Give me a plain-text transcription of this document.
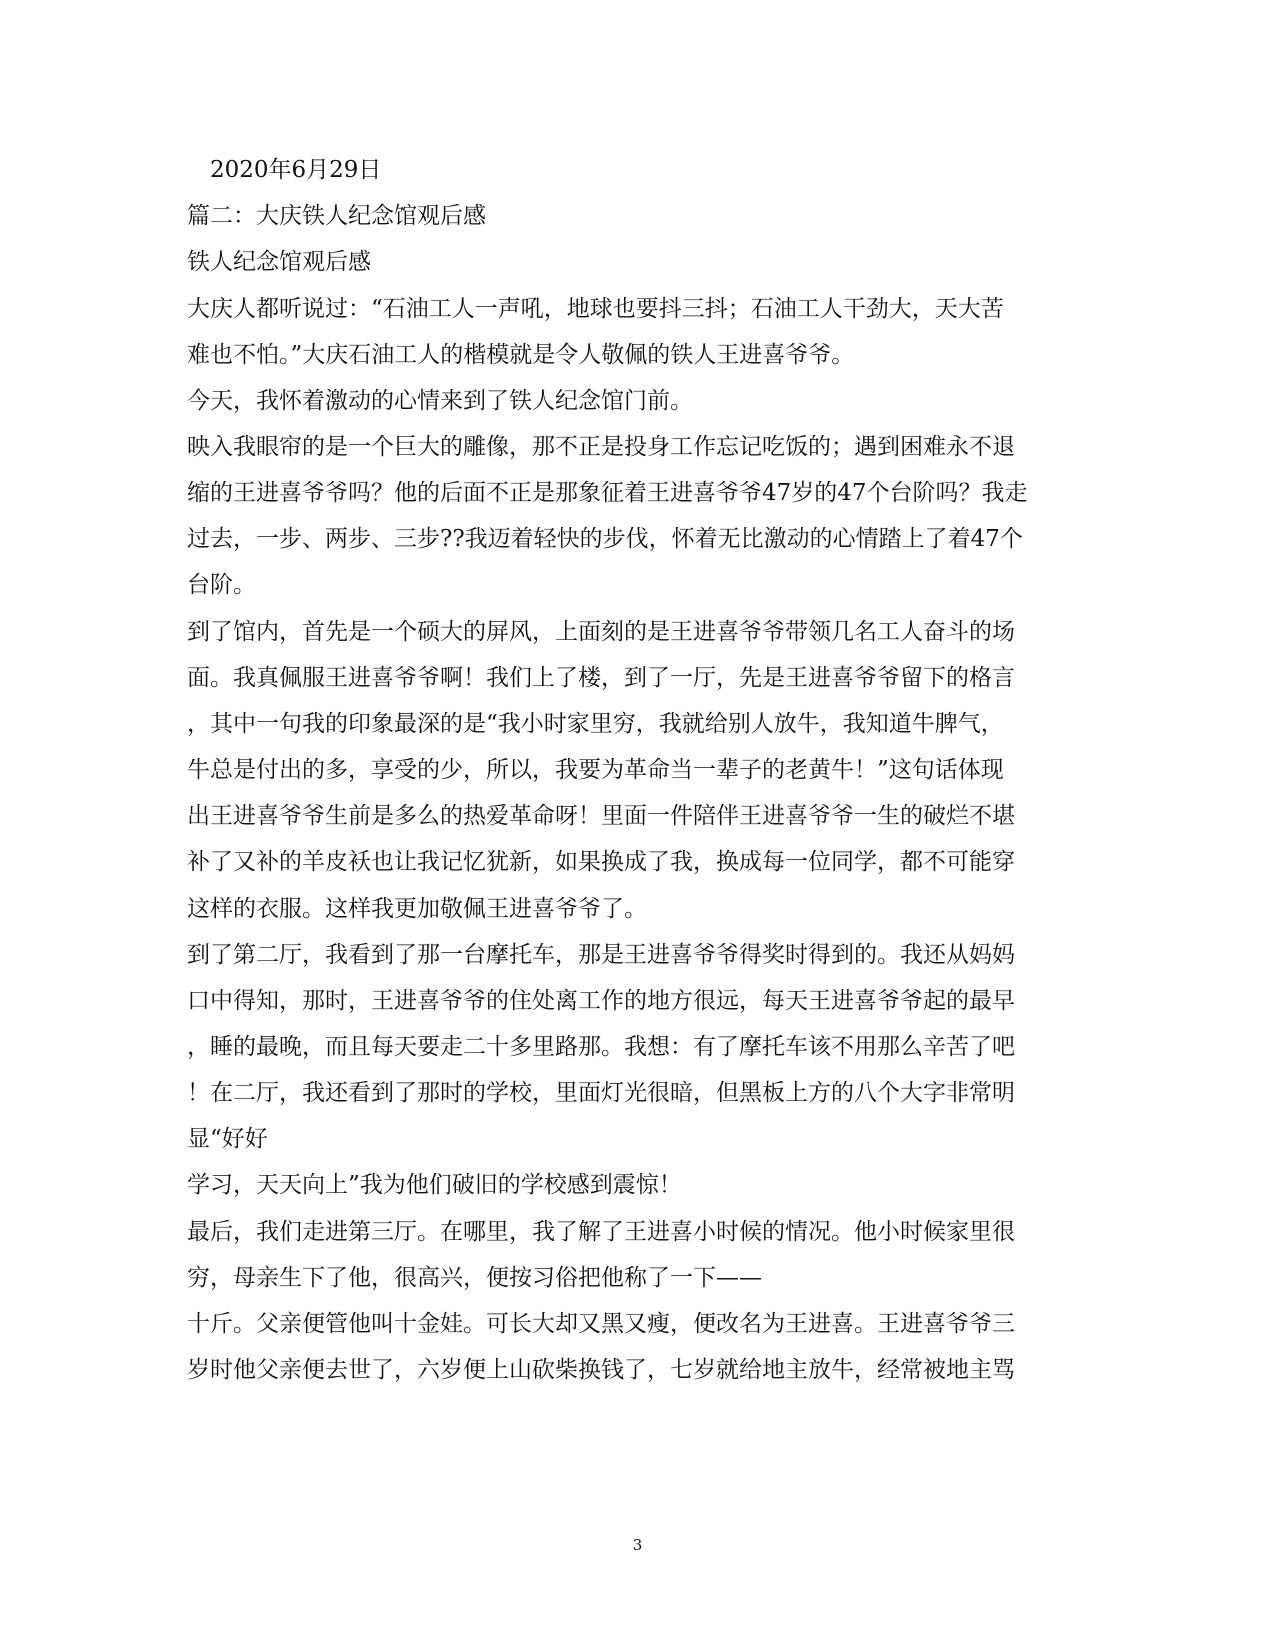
2020年6月29日
篇二：大庆铁人纪念馆观后感
铁人纪念馆观后感
大庆人都听说过：“石油工人一声吼，地球也要抖三抖；石油工人干劲大，天大苦
难也不怕。”大庆石油工人的楷模就是令人敬佩的铁人王进喜爷爷。
今天，我怀着激动的心情来到了铁人纪念馆门前。
映入我眼帘的是一个巨大的雕像，那不正是投身工作忘记吃饭的；遇到困难永不退
缩的王进喜爷爷吗？他的后面不正是那象征着王进喜爷爷47岁的47个台阶吗？我走
过去，一步、两步、三步??我迈着轻快的步伐，怀着无比激动的心情踏上了着47个
台阶。
到了馆内，首先是一个硕大的屏风，上面刻的是王进喜爷爷带领几名工人奋斗的场
面。我真佩服王进喜爷爷啊！我们上了楼，到了一厅，先是王进喜爷爷留下的格言
，其中一句我的印象最深的是“我小时家里穷，我就给别人放牛，我知道牛脾气，
牛总是付出的多，享受的少，所以，我要为革命当一辈子的老黄牛！”这句话体现
出王进喜爷爷生前是多么的热爱革命呀！里面一件陪伴王进喜爷爷一生的破烂不堪
补了又补的羊皮袄也让我记忆犹新，如果换成了我，换成每一位同学，都不可能穿
这样的衣服。这样我更加敬佩王进喜爷爷了。
到了第二厅，我看到了那一台摩托车，那是王进喜爷爷得奖时得到的。我还从妈妈
口中得知，那时，王进喜爷爷的住处离工作的地方很远，每天王进喜爷爷起的最早
，睡的最晚，而且每天要走二十多里路那。我想：有了摩托车该不用那么辛苦了吧
！在二厅，我还看到了那时的学校，里面灯光很暗，但黑板上方的八个大字非常明
显“好好
学习，天天向上”我为他们破旧的学校感到震惊！
最后，我们走进第三厅。在哪里，我了解了王进喜小时候的情况。他小时候家里很
穷，母亲生下了他，很高兴，便按习俗把他称了一下——
十斤。父亲便管他叫十金娃。可长大却又黑又瘦，便改名为王进喜。王进喜爷爷三
岁时他父亲便去世了，六岁便上山砍柴换钱了，七岁就给地主放牛，经常被地主骂
3
